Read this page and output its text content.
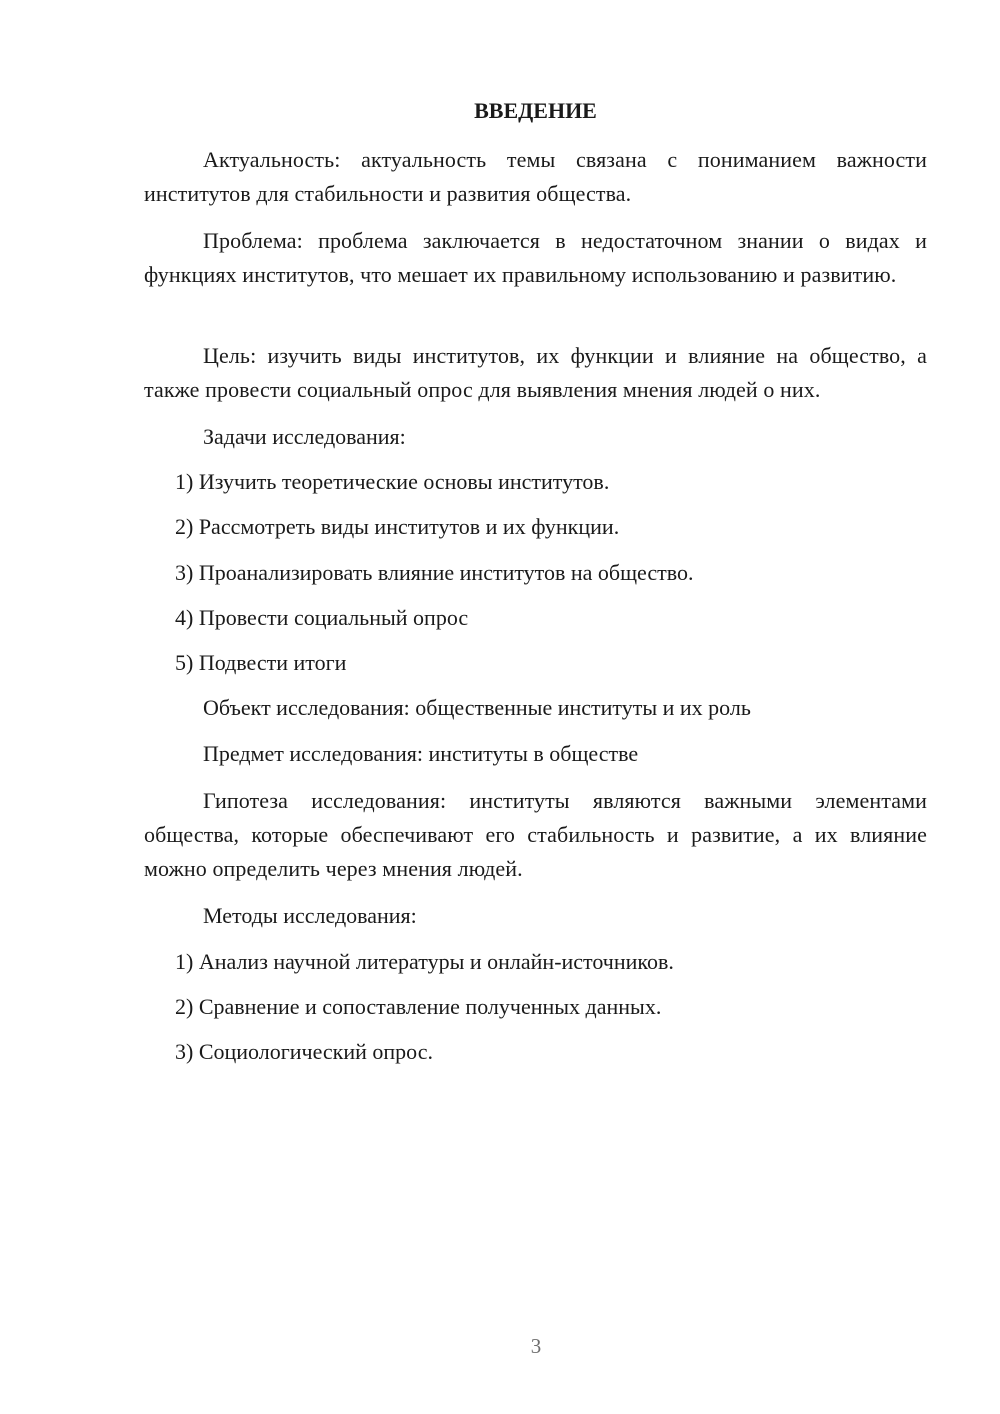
ВВЕДЕНИЕ

Актуальность: актуальность темы связана с пониманием важности институтов для стабильности и развития общества.

Проблема: проблема заключается в недостаточном знании о видах и функциях институтов, что мешает их правильному использованию и развитию.

Цель: изучить виды институтов, их функции и влияние на общество, а также провести социальный опрос для выявления мнения людей о них.

Задачи исследования:
1) Изучить теоретические основы институтов.
2) Рассмотреть виды институтов и их функции.
3) Проанализировать влияние институтов на общество.
4) Провести социальный опрос
5) Подвести итоги
Объект исследования: общественные институты и их роль
Предмет исследования: институты в обществе

Гипотеза исследования: институты являются важными элементами общества, которые обеспечивают его стабильность и развитие, а их влияние можно определить через мнения людей.

Методы исследования:
1) Анализ научной литературы и онлайн-источников.
2) Сравнение и сопоставление полученных данных.
3) Социологический опрос.
3
